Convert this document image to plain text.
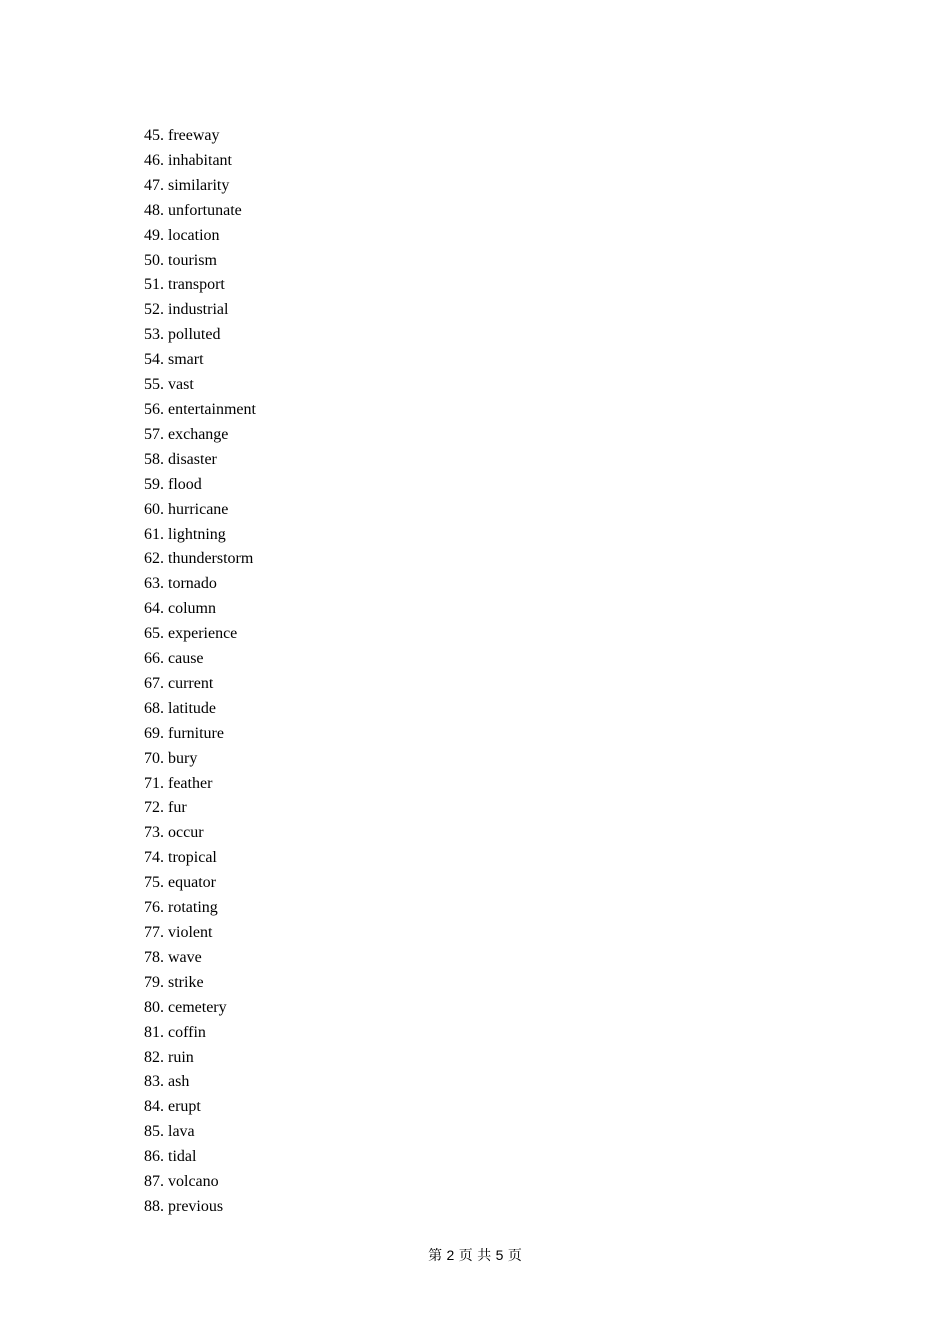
45. freeway
46. inhabitant
47. similarity
48. unfortunate
49. location
50. tourism
51. transport
52. industrial
53. polluted
54. smart
55. vast
56. entertainment
57. exchange
58. disaster
59. flood
60. hurricane
61. lightning
62. thunderstorm
63. tornado
64. column
65. experience
66. cause
67. current
68. latitude
69. furniture
70. bury
71. feather
72. fur
73. occur
74. tropical
75. equator
76. rotating
77. violent
78. wave
79. strike
80. cemetery
81. coffin
82. ruin
83. ash
84. erupt
85. lava
86. tidal
87. volcano
88. previous
第 2 页 共 5 页
